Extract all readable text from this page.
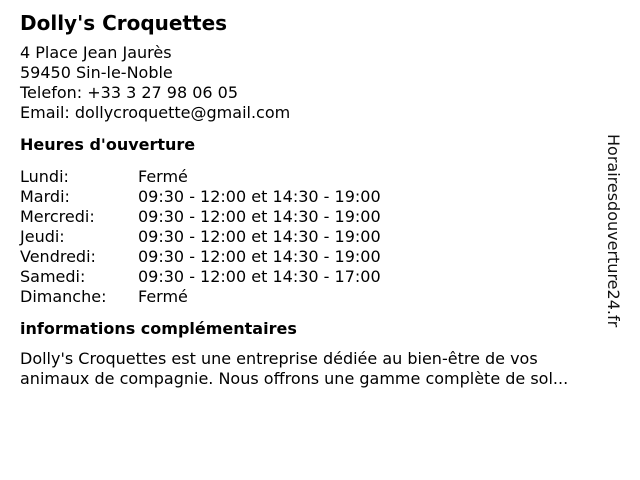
Dolly's Croquettes
4 Place Jean Jaurès
59450 Sin-le-Noble
Telefon: +33 3 27 98 06 05
Email: dollycroquette@gmail.com
Heures d'ouverture
Lundi:	Fermé
Mardi:	09:30 - 12:00 et 14:30 - 19:00
Mercredi:	09:30 - 12:00 et 14:30 - 19:00
Jeudi:	09:30 - 12:00 et 14:30 - 19:00
Vendredi:	09:30 - 12:00 et 14:30 - 19:00
Samedi:	09:30 - 12:00 et 14:30 - 17:00
Dimanche:	Fermé
informations complémentaires
Dolly's Croquettes est une entreprise dédiée au bien-être de vos
animaux de compagnie. Nous offrons une gamme complète de sol...
Horairesdouverture24.fr
